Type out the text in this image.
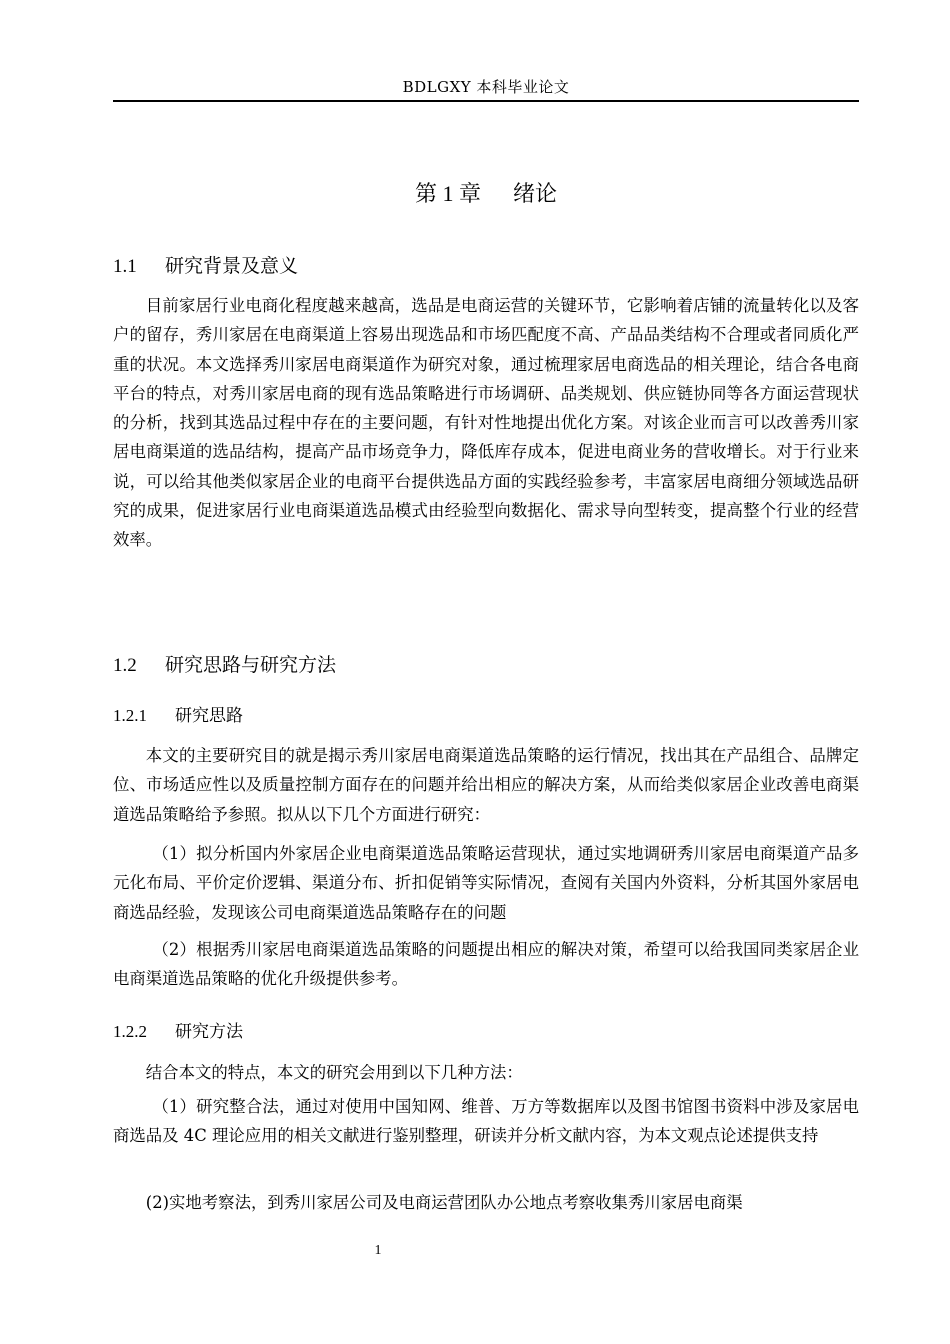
BDLGXY 本科毕业论文
第 1 章 绪论
1.1 研究背景及意义

目前家居行业电商化程度越来越高，选品是电商运营的关键环节，它影响着店铺的流量转化以及客户的留存，秀川家居在电商渠道上容易出现选品和市场匹配度不高、产品品类结构不合理或者同质化严重的状况。本文选择秀川家居电商渠道作为研究对象，通过梳理家居电商选品的相关理论，结合各电商平台的特点，对秀川家居电商的现有选品策略进行市场调研、品类规划、供应链协同等各方面运营现状的分析，找到其选品过程中存在的主要问题，有针对性地提出优化方案。对该企业而言可以改善秀川家居电商渠道的选品结构，提高产品市场竞争力，降低库存成本，促进电商业务的营收增长。对于行业来说，可以给其他类似家居企业的电商平台提供选品方面的实践经验参考，丰富家居电商细分领域选品研究的成果，促进家居行业电商渠道选品模式由经验型向数据化、需求导向型转变，提高整个行业的经营效率。

1.2 研究思路与研究方法
1.2.1 研究思路

本文的主要研究目的就是揭示秀川家居电商渠道选品策略的运行情况，找出其在产品组合、品牌定位、市场适应性以及质量控制方面存在的问题并给出相应的解决方案，从而给类似家居企业改善电商渠道选品策略给予参照。拟从以下几个方面进行研究：

（1）拟分析国内外家居企业电商渠道选品策略运营现状，通过实地调研秀川家居电商渠道产品多元化布局、平价定价逻辑、渠道分布、折扣促销等实际情况，查阅有关国内外资料，分析其国外家居电商选品经验，发现该公司电商渠道选品策略存在的问题

（2）根据秀川家居电商渠道选品策略的问题提出相应的解决对策，希望可以给我国同类家居企业电商渠道选品策略的优化升级提供参考。

1.2.2 研究方法

结合本文的特点，本文的研究会用到以下几种方法：

（1）研究整合法，通过对使用中国知网、维普、万方等数据库以及图书馆图书资料中涉及家居电商选品及 4C 理论应用的相关文献进行鉴别整理，研读并分析文献内容，为本文观点论述提供支持

(2)实地考察法，到秀川家居公司及电商运营团队办公地点考察收集秀川家居电商渠

1
